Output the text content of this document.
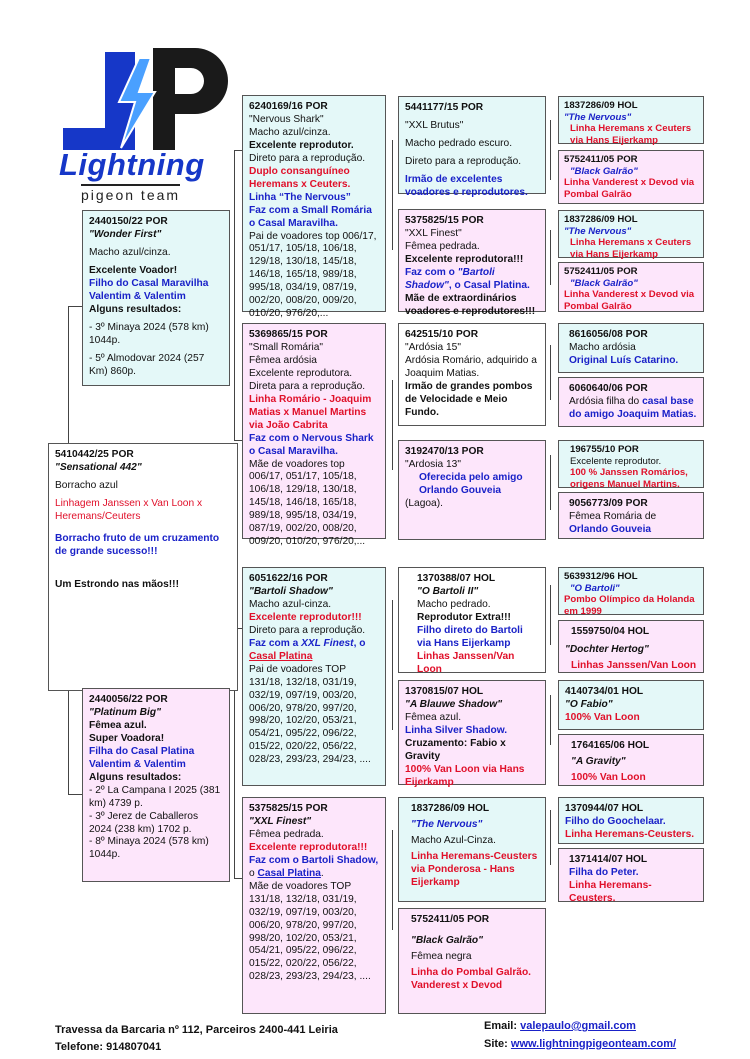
Lightning
pigeon team
5410442/25 POR
"Sensational 442"
Borracho azul
Linhagem Janssen x Van Loon x Heremans/Ceuters
Borracho fruto de um cruzamento de grande sucesso!!!
Um Estrondo nas mãos!!!
2440150/22 POR
"Wonder First"
Macho azul/cinza.
Excelente Voador!
Filho do Casal Maravilha Valentim & Valentim
Alguns resultados:
- 3º Minaya 2024 (578 km) 1044p.
- 5º Almodovar 2024 (257 Km) 860p.
2440056/22 POR
"Platinum Big"
Fêmea azul.
Super Voadora!
Filha do Casal Platina Valentim & Valentim
Alguns resultados:
- 2º La Campana I 2025 (381 km) 4739 p.
- 3º Jerez de Caballeros 2024 (238 km) 1702 p.
- 8º Minaya 2024 (578 km) 1044p.
6240169/16 POR
"Nervous Shark"
Macho azul/cinza.
Excelente reprodutor.
Direto para a reprodução.
Duplo consanguíneo Heremans x Ceuters.
Linha “The Nervous”
Faz com a Small Romária o Casal Maravilha.
Pai de voadores top 006/17, 051/17, 105/18, 106/18, 129/18, 130/18, 145/18, 146/18, 165/18, 989/18, 995/18, 034/19, 087/19, 002/20, 008/20, 009/20, 010/20, 976/20,...
5369865/15 POR
"Small Romária"
Fêmea ardósia
Excelente reprodutora.
Direta para a reprodução.
Linha Romário - Joaquim Matias x Manuel Martins via João Cabrita
Faz com o Nervous Shark o Casal Maravilha.
Mãe de voadores top 006/17, 051/17, 105/18, 106/18, 129/18, 130/18, 145/18, 146/18, 165/18, 989/18, 995/18, 034/19, 087/19, 002/20, 008/20, 009/20, 010/20, 976/20,...
6051622/16 POR
"Bartoli Shadow"
Macho azul-cinza.
Excelente reprodutor!!!
Direto para a reprodução.
Faz com a XXL Finest, o
Casal Platina
Pai de voadores TOP 131/18, 132/18, 031/19, 032/19, 097/19, 003/20, 006/20, 978/20, 997/20, 998/20, 102/20, 053/21, 054/21, 095/22, 096/22, 015/22, 020/22, 056/22, 028/23, 293/23, 294/23, ....
5375825/15 POR
"XXL Finest"
Fêmea pedrada.
Excelente reprodutora!!!
Faz com o Bartoli Shadow,
o Casal Platina.
Mãe de voadores TOP 131/18, 132/18, 031/19, 032/19, 097/19, 003/20, 006/20, 978/20, 997/20, 998/20, 102/20, 053/21, 054/21, 095/22, 096/22, 015/22, 020/22, 056/22, 028/23, 293/23, 294/23, ....
5441177/15 POR
"XXL Brutus"
Macho pedrado escuro.
Direto para a reprodução.
Irmão de excelentes voadores e reprodutores.
5375825/15 POR
"XXL Finest"
Fêmea pedrada.
Excelente reprodutora!!!
Faz com o "Bartoli Shadow", o Casal Platina.
Mãe de extraordinários voadores e reprodutores!!!
642515/10 POR
"Ardósia 15"
Ardósia Romário, adquirido a Joaquim Matias.
Irmão de grandes pombos de Velocidade e Meio Fundo.
3192470/13 POR
"Ardosia 13"
Oferecida pelo amigo Orlando Gouveia
(Lagoa).
1370388/07 HOL
"O Bartoli II"
Macho pedrado.
Reprodutor Extra!!!
Filho direto do Bartoli via Hans Eijerkamp
Linhas Janssen/Van Loon
1370815/07 HOL
"A Blauwe Shadow"
Fêmea azul.
Linha Silver Shadow.
Cruzamento: Fabio x Gravity
100% Van Loon via Hans Eijerkamp
1837286/09 HOL
"The Nervous"
Macho Azul-Cinza.
Linha Heremans-Ceusters via Ponderosa - Hans Eijerkamp
5752411/05 POR
"Black Galrão"
Fêmea negra
Linha do Pombal Galrão. Vanderest x Devod
1837286/09 HOL
"The Nervous"
Linha Heremans x Ceuters via Hans Eijerkamp
5752411/05 POR
"Black Galrão"
Linha Vanderest x Devod via Pombal Galrão
1837286/09 HOL
"The Nervous"
Linha Heremans x Ceuters via Hans Eijerkamp
5752411/05 POR
"Black Galrão"
Linha Vanderest x Devod via Pombal Galrão
8616056/08 POR
Macho ardósia
Original Luís Catarino.
6060640/06 POR
Ardósia filha do casal base do amigo Joaquim Matias.
196755/10 POR
Excelente reprodutor.
100 % Janssen Romários, origens Manuel Martins.
9056773/09 POR
Fêmea Romária de
Orlando Gouveia
5639312/96 HOL
"O Bartoli"
Pombo Olímpico da Holanda em 1999
1559750/04 HOL
"Dochter Hertog"
Linhas Janssen/Van Loon
4140734/01 HOL
"O Fabio"
100% Van Loon
1764165/06 HOL
"A Gravity"
100% Van Loon
1370944/07 HOL
Filho do Goochelaar.
Linha Heremans-Ceusters.
1371414/07 HOL
Filha do Peter.
Linha Heremans-Ceusters.
Travessa da Barcaria nº 112, Parceiros 2400-441 Leiria
Telefone: 914807041
Email: valepaulo@gmail.com
Site: www.lightningpigeonteam.com/
